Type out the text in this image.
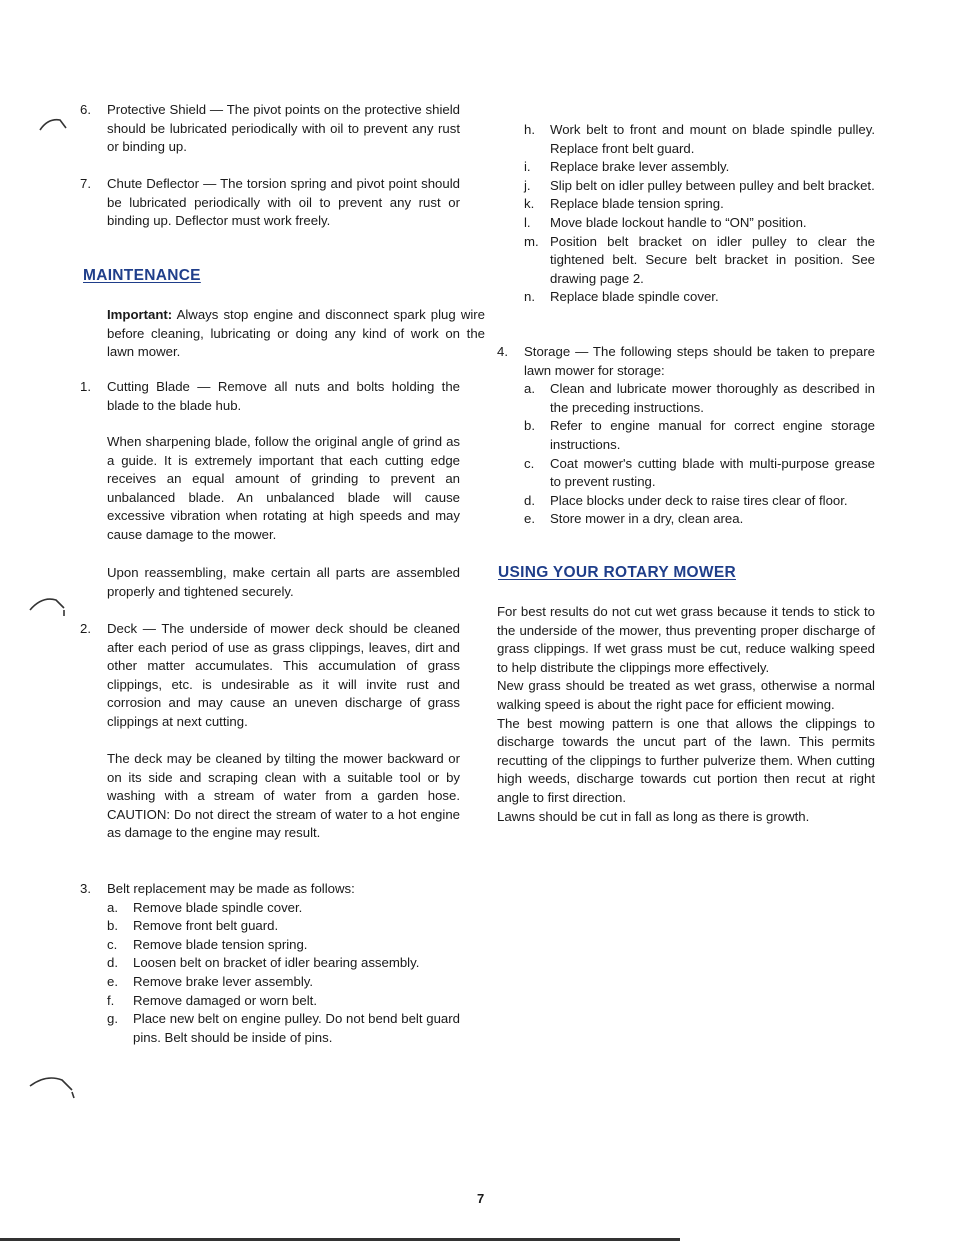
6.	Protective Shield — The pivot points on the protective shield should be lubricated periodically with oil to prevent any rust or binding up.
7.	Chute Deflector — The torsion spring and pivot point should be lubricated periodically with oil to prevent any rust or binding up. Deflector must work freely.
MAINTENANCE
Important: Always stop engine and disconnect spark plug wire before cleaning, lubricating or doing any kind of work on the lawn mower.
1.	Cutting Blade — Remove all nuts and bolts holding the blade to the blade hub.
When sharpening blade, follow the original angle of grind as a guide. It is extremely important that each cutting edge receives an equal amount of grinding to prevent an unbalanced blade. An unbalanced blade will cause excessive vibration when rotating at high speeds and may cause damage to the mower.
Upon reassembling, make certain all parts are assembled properly and tightened securely.
2.	Deck — The underside of mower deck should be cleaned after each period of use as grass clippings, leaves, dirt and other matter accumulates. This accumulation of grass clippings, etc. is undesirable as it will invite rust and corrosion and may cause an uneven discharge of grass clippings at next cutting.
The deck may be cleaned by tilting the mower backward or on its side and scraping clean with a suitable tool or by washing with a stream of water from a garden hose. CAUTION: Do not direct the stream of water to a hot engine as damage to the engine may result.
3.	Belt replacement may be made as follows:
a.	Remove blade spindle cover.
b.	Remove front belt guard.
c.	Remove blade tension spring.
d.	Loosen belt on bracket of idler bearing assembly.
e.	Remove brake lever assembly.
f.	Remove damaged or worn belt.
g.	Place new belt on engine pulley. Do not bend belt guard pins. Belt should be inside of pins.
h.	Work belt to front and mount on blade spindle pulley. Replace front belt guard.
i.	Replace brake lever assembly.
j.	Slip belt on idler pulley between pulley and belt bracket.
k.	Replace blade tension spring.
l.	Move blade lockout handle to “ON” position.
m. Position belt bracket on idler pulley to clear the tightened belt. Secure belt bracket in position. See drawing page 2.
n.	Replace blade spindle cover.
4.	Storage — The following steps should be taken to prepare lawn mower for storage:
a.	Clean and lubricate mower thoroughly as described in the preceding instructions.
b.	Refer to engine manual for correct engine storage instructions.
c.	Coat mower's cutting blade with multi-purpose grease to prevent rusting.
d.	Place blocks under deck to raise tires clear of floor.
e.	Store mower in a dry, clean area.
USING YOUR ROTARY MOWER
For best results do not cut wet grass because it tends to stick to the underside of the mower, thus preventing proper discharge of grass clippings. If wet grass must be cut, reduce walking speed to help distribute the clippings more effectively.
New grass should be treated as wet grass, otherwise a normal walking speed is about the right pace for efficient mowing.
The best mowing pattern is one that allows the clippings to discharge towards the uncut part of the lawn. This permits recutting of the clippings to further pulverize them. When cutting high weeds, discharge towards cut portion then recut at right angle to first direction.
Lawns should be cut in fall as long as there is growth.
7
